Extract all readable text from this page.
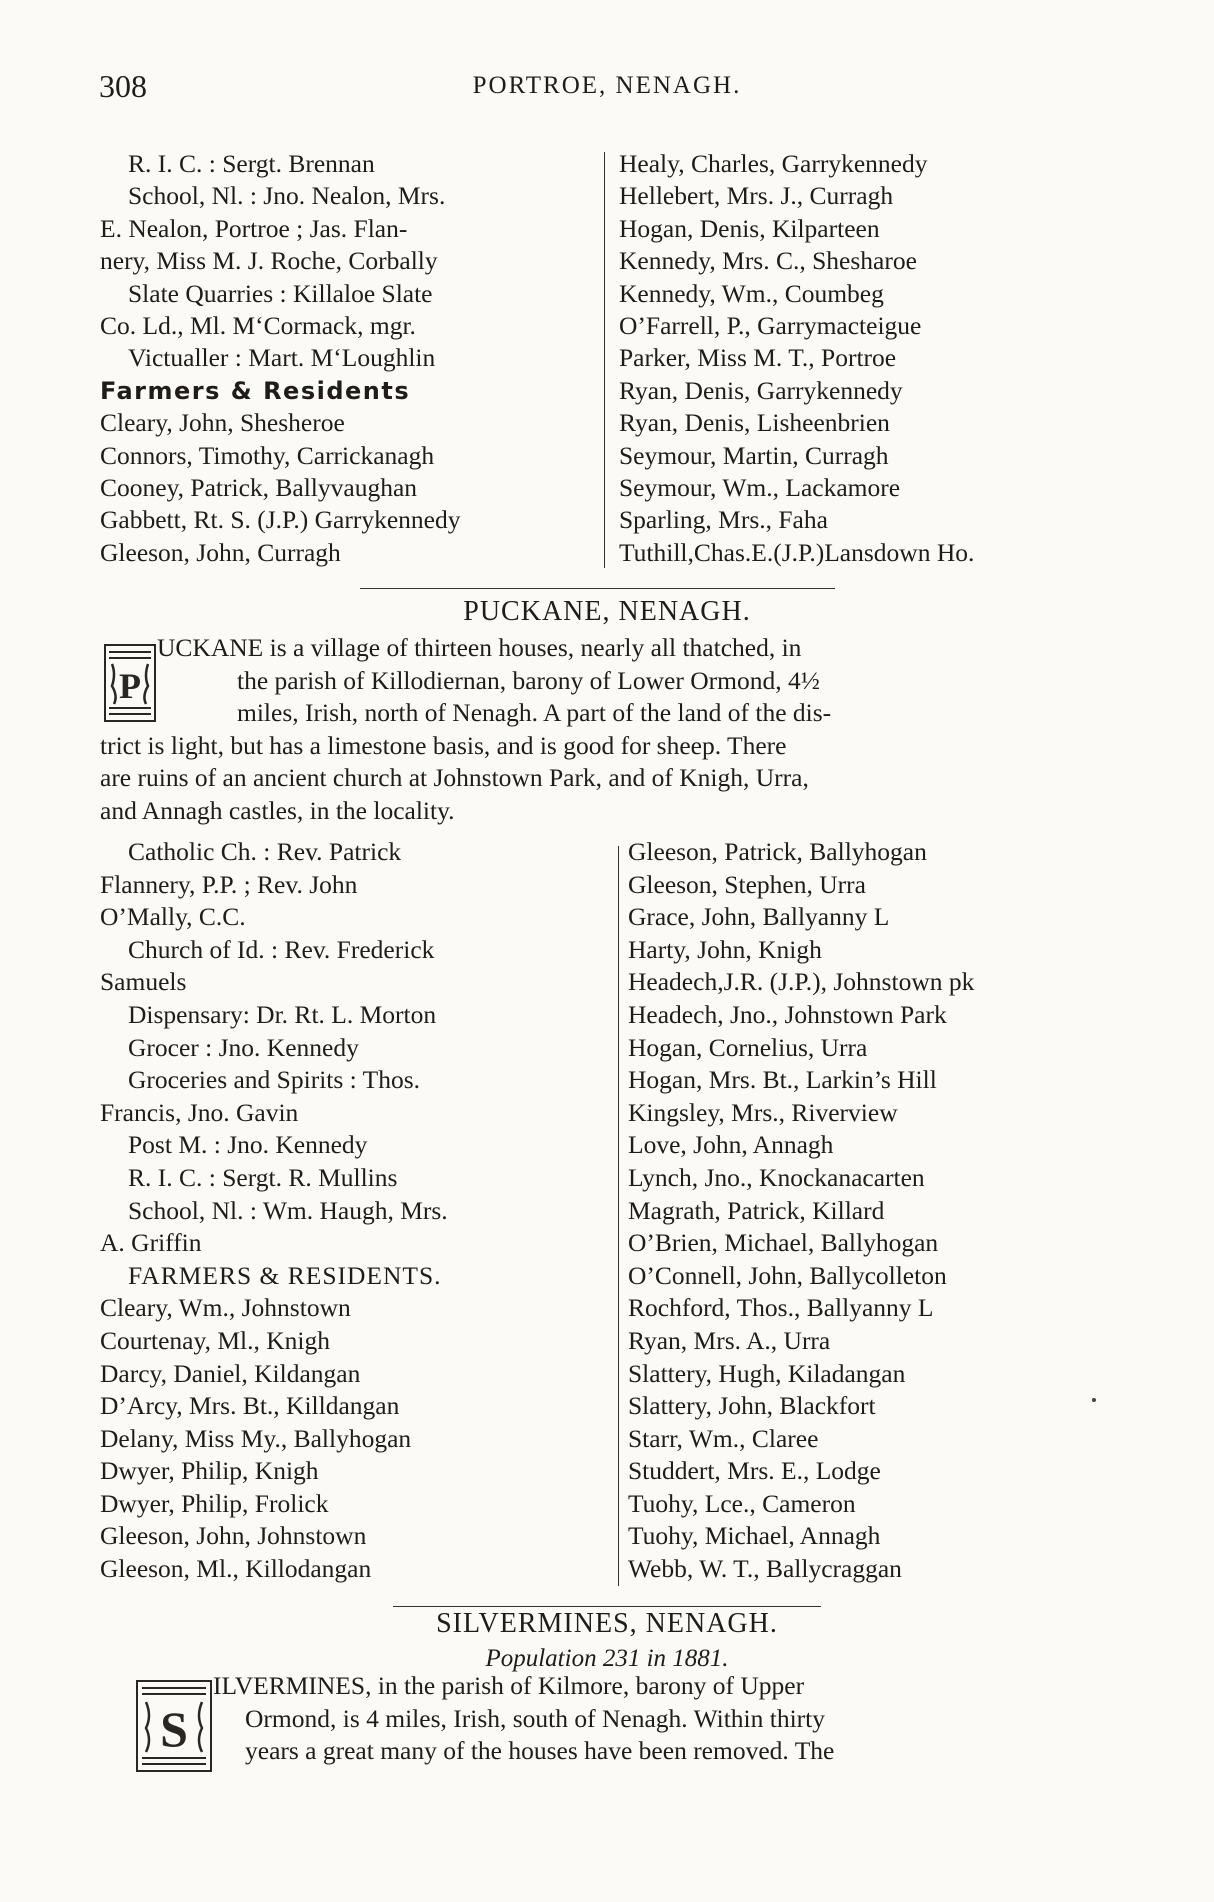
308	PORTROE, NENAGH.
R. I. C. : Sergt. Brennan
School, Nl. : Jno. Nealon, Mrs.
E. Nealon, Portroe ; Jas. Flan-
nery, Miss M. J. Roche, Corbally
Slate Quarries : Killaloe Slate
Co. Ld., Ml. M‘Cormack, mgr.
Victualler : Mart. M‘Loughlin
Farmers & Residents
Cleary, John, Shesheroe
Connors, Timothy, Carrickanagh
Cooney, Patrick, Ballyvaughan
Gabbett, Rt. S. (J.P.) Garrykennedy
Gleeson, John, Curragh
Healy, Charles, Garrykennedy
Hellebert, Mrs. J., Curragh
Hogan, Denis, Kilparteen
Kennedy, Mrs. C., Shesharoe
Kennedy, Wm., Coumbeg
O’Farrell, P., Garrymacteigue
Parker, Miss M. T., Portroe
Ryan, Denis, Garrykennedy
Ryan, Denis, Lisheenbrien
Seymour, Martin, Curragh
Seymour, Wm., Lackamore
Sparling, Mrs., Faha
Tuthill,Chas.E.(J.P.)Lansdown Ho.
PUCKANE, NENAGH.
P
UCKANE is a village of thirteen houses, nearly all thatched, in
the parish of Killodiernan, barony of Lower Ormond, 4½
miles, Irish, north of Nenagh. A part of the land of the dis-
trict is light, but has a limestone basis, and is good for sheep. There
are ruins of an ancient church at Johnstown Park, and of Knigh, Urra,
and Annagh castles, in the locality.
Catholic Ch. : Rev. Patrick
Flannery, P.P. ; Rev. John
O’Mally, C.C.
Church of Id. : Rev. Frederick
Samuels
Dispensary: Dr. Rt. L. Morton
Grocer : Jno. Kennedy
Groceries and Spirits : Thos.
Francis, Jno. Gavin
Post M. : Jno. Kennedy
R. I. C. : Sergt. R. Mullins
School, Nl. : Wm. Haugh, Mrs.
A. Griffin
FARMERS & RESIDENTS.
Cleary, Wm., Johnstown
Courtenay, Ml., Knigh
Darcy, Daniel, Kildangan
D’Arcy, Mrs. Bt., Killdangan
Delany, Miss My., Ballyhogan
Dwyer, Philip, Knigh
Dwyer, Philip, Frolick
Gleeson, John, Johnstown
Gleeson, Ml., Killodangan
Gleeson, Patrick, Ballyhogan
Gleeson, Stephen, Urra
Grace, John, Ballyanny L
Harty, John, Knigh
Headech,J.R. (J.P.), Johnstown pk
Headech, Jno., Johnstown Park
Hogan, Cornelius, Urra
Hogan, Mrs. Bt., Larkin’s Hill
Kingsley, Mrs., Riverview
Love, John, Annagh
Lynch, Jno., Knockanacarten
Magrath, Patrick, Killard
O’Brien, Michael, Ballyhogan
O’Connell, John, Ballycolleton
Rochford, Thos., Ballyanny L
Ryan, Mrs. A., Urra
Slattery, Hugh, Kiladangan
Slattery, John, Blackfort
Starr, Wm., Claree
Studdert, Mrs. E., Lodge
Tuohy, Lce., Cameron
Tuohy, Michael, Annagh
Webb, W. T., Ballycraggan
SILVERMINES, NENAGH.
Population 231 in 1881.
S
ILVERMINES, in the parish of Kilmore, barony of Upper
Ormond, is 4 miles, Irish, south of Nenagh. Within thirty
years a great many of the houses have been removed. The
